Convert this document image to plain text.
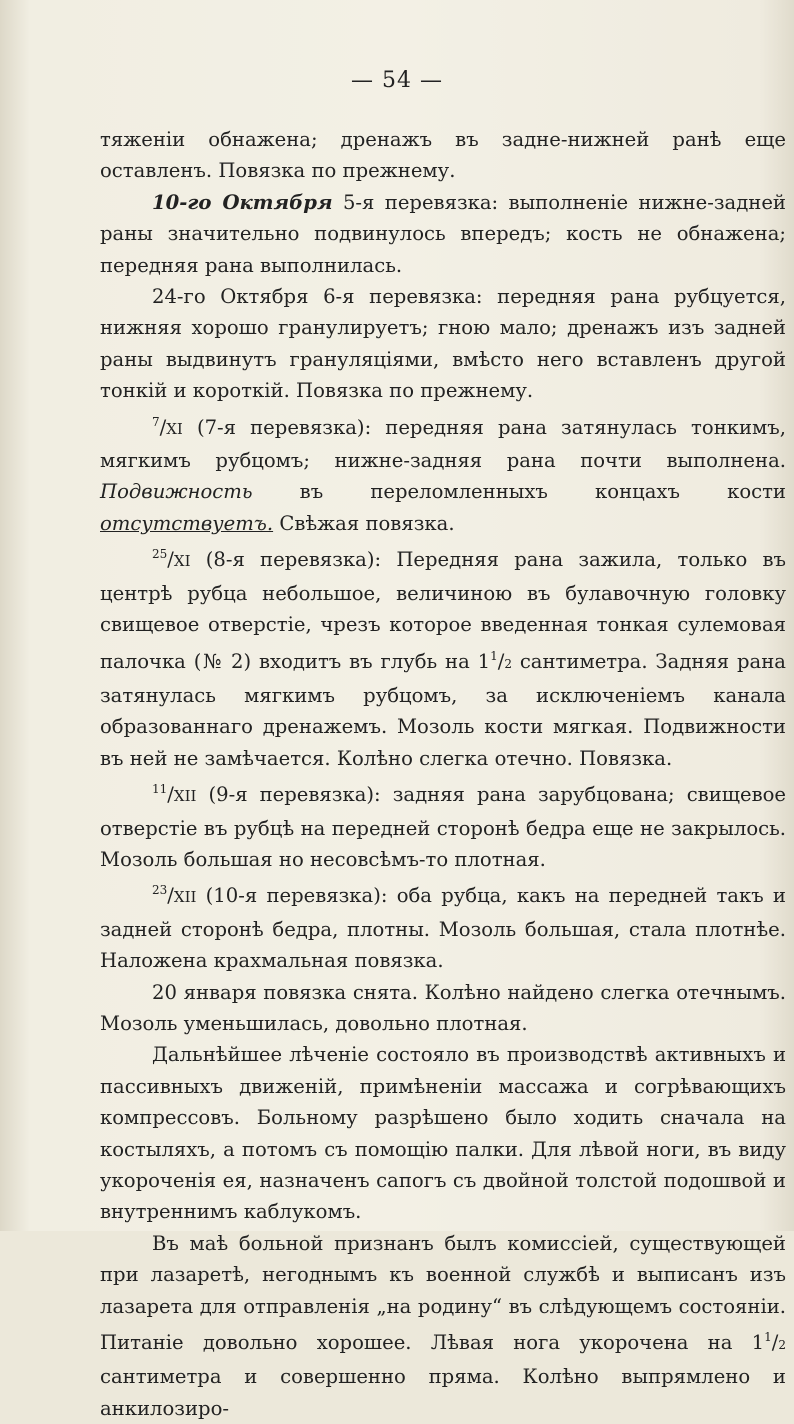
— 54 —

тяженіи обнажена; дренажъ въ задне-нижней ранѣ еще оставленъ. Повязка по прежнему.

10-го Октября 5-я перевязка: выполненіе нижне-задней раны значительно подвинулось впередъ; кость не обнажена; передняя рана выполнилась.

24-го Октября 6-я перевязка: передняя рана рубцуется, нижняя хорошо гранулируетъ; гною мало; дренажъ изъ задней раны выдвинутъ грануляціями, вмѣсто него вставленъ другой тонкій и короткій. Повязка по прежнему.

$^7$/XI (7-я перевязка): передняя рана затянулась тонкимъ, мягкимъ рубцомъ; нижне-задняя рана почти выполнена. Подвижность въ переломленныхъ концахъ кости отсутствуетъ. Свѣжая повязка.

$^{25}$/XI (8-я перевязка): Передняя рана зажила, только въ центрѣ рубца небольшое, величиною въ булавочную головку свищевое отверстіе, чрезъ которое введенная тонкая сулемовая палочка (№ 2) входитъ въ глубь на $1^1/2$ сантиметра. Задняя рана затянулась мягкимъ рубцомъ, за исключеніемъ канала образованнаго дренажемъ. Мозоль кости мягкая. Подвижности въ ней не замѣчается. Колѣно слегка отечно. Повязка.

$^{11}$/XII (9-я перевязка): задняя рана зарубцована; свищевое отверстіе въ рубцѣ на передней сторонѣ бедра еще не закрылось. Мозоль большая но несовсѣмъ-то плотная.

$^{23}$/XII (10-я перевязка): оба рубца, какъ на передней такъ и задней сторонѣ бедра, плотны. Мозоль большая, стала плотнѣе. Наложена крахмальная повязка.

20 января повязка снята. Колѣно найдено слегка отечнымъ. Мозоль уменьшилась, довольно плотная.

Дальнѣйшее лѣченіе состояло въ производствѣ активныхъ и пассивныхъ движеній, примѣненіи массажа и согрѣвающихъ компрессовъ. Больному разрѣшено было ходить сначала на костыляхъ, а потомъ съ помощію палки. Для лѣвой ноги, въ виду укороченія ея, назначенъ сапогъ съ двойной толстой подошвой и внутреннимъ каблукомъ.

Въ маѣ больной признанъ былъ комиссіей, существующей при лазаретѣ, негоднымъ къ военной службѣ и выписанъ изъ лазарета для отправленія „на родину“ въ слѣдующемъ состояніи. Питаніе довольно хорошее. Лѣвая нога укорочена на $1^1/2$ сантиметра и совершенно пряма. Колѣно выпрямлено и анкилозиро-
